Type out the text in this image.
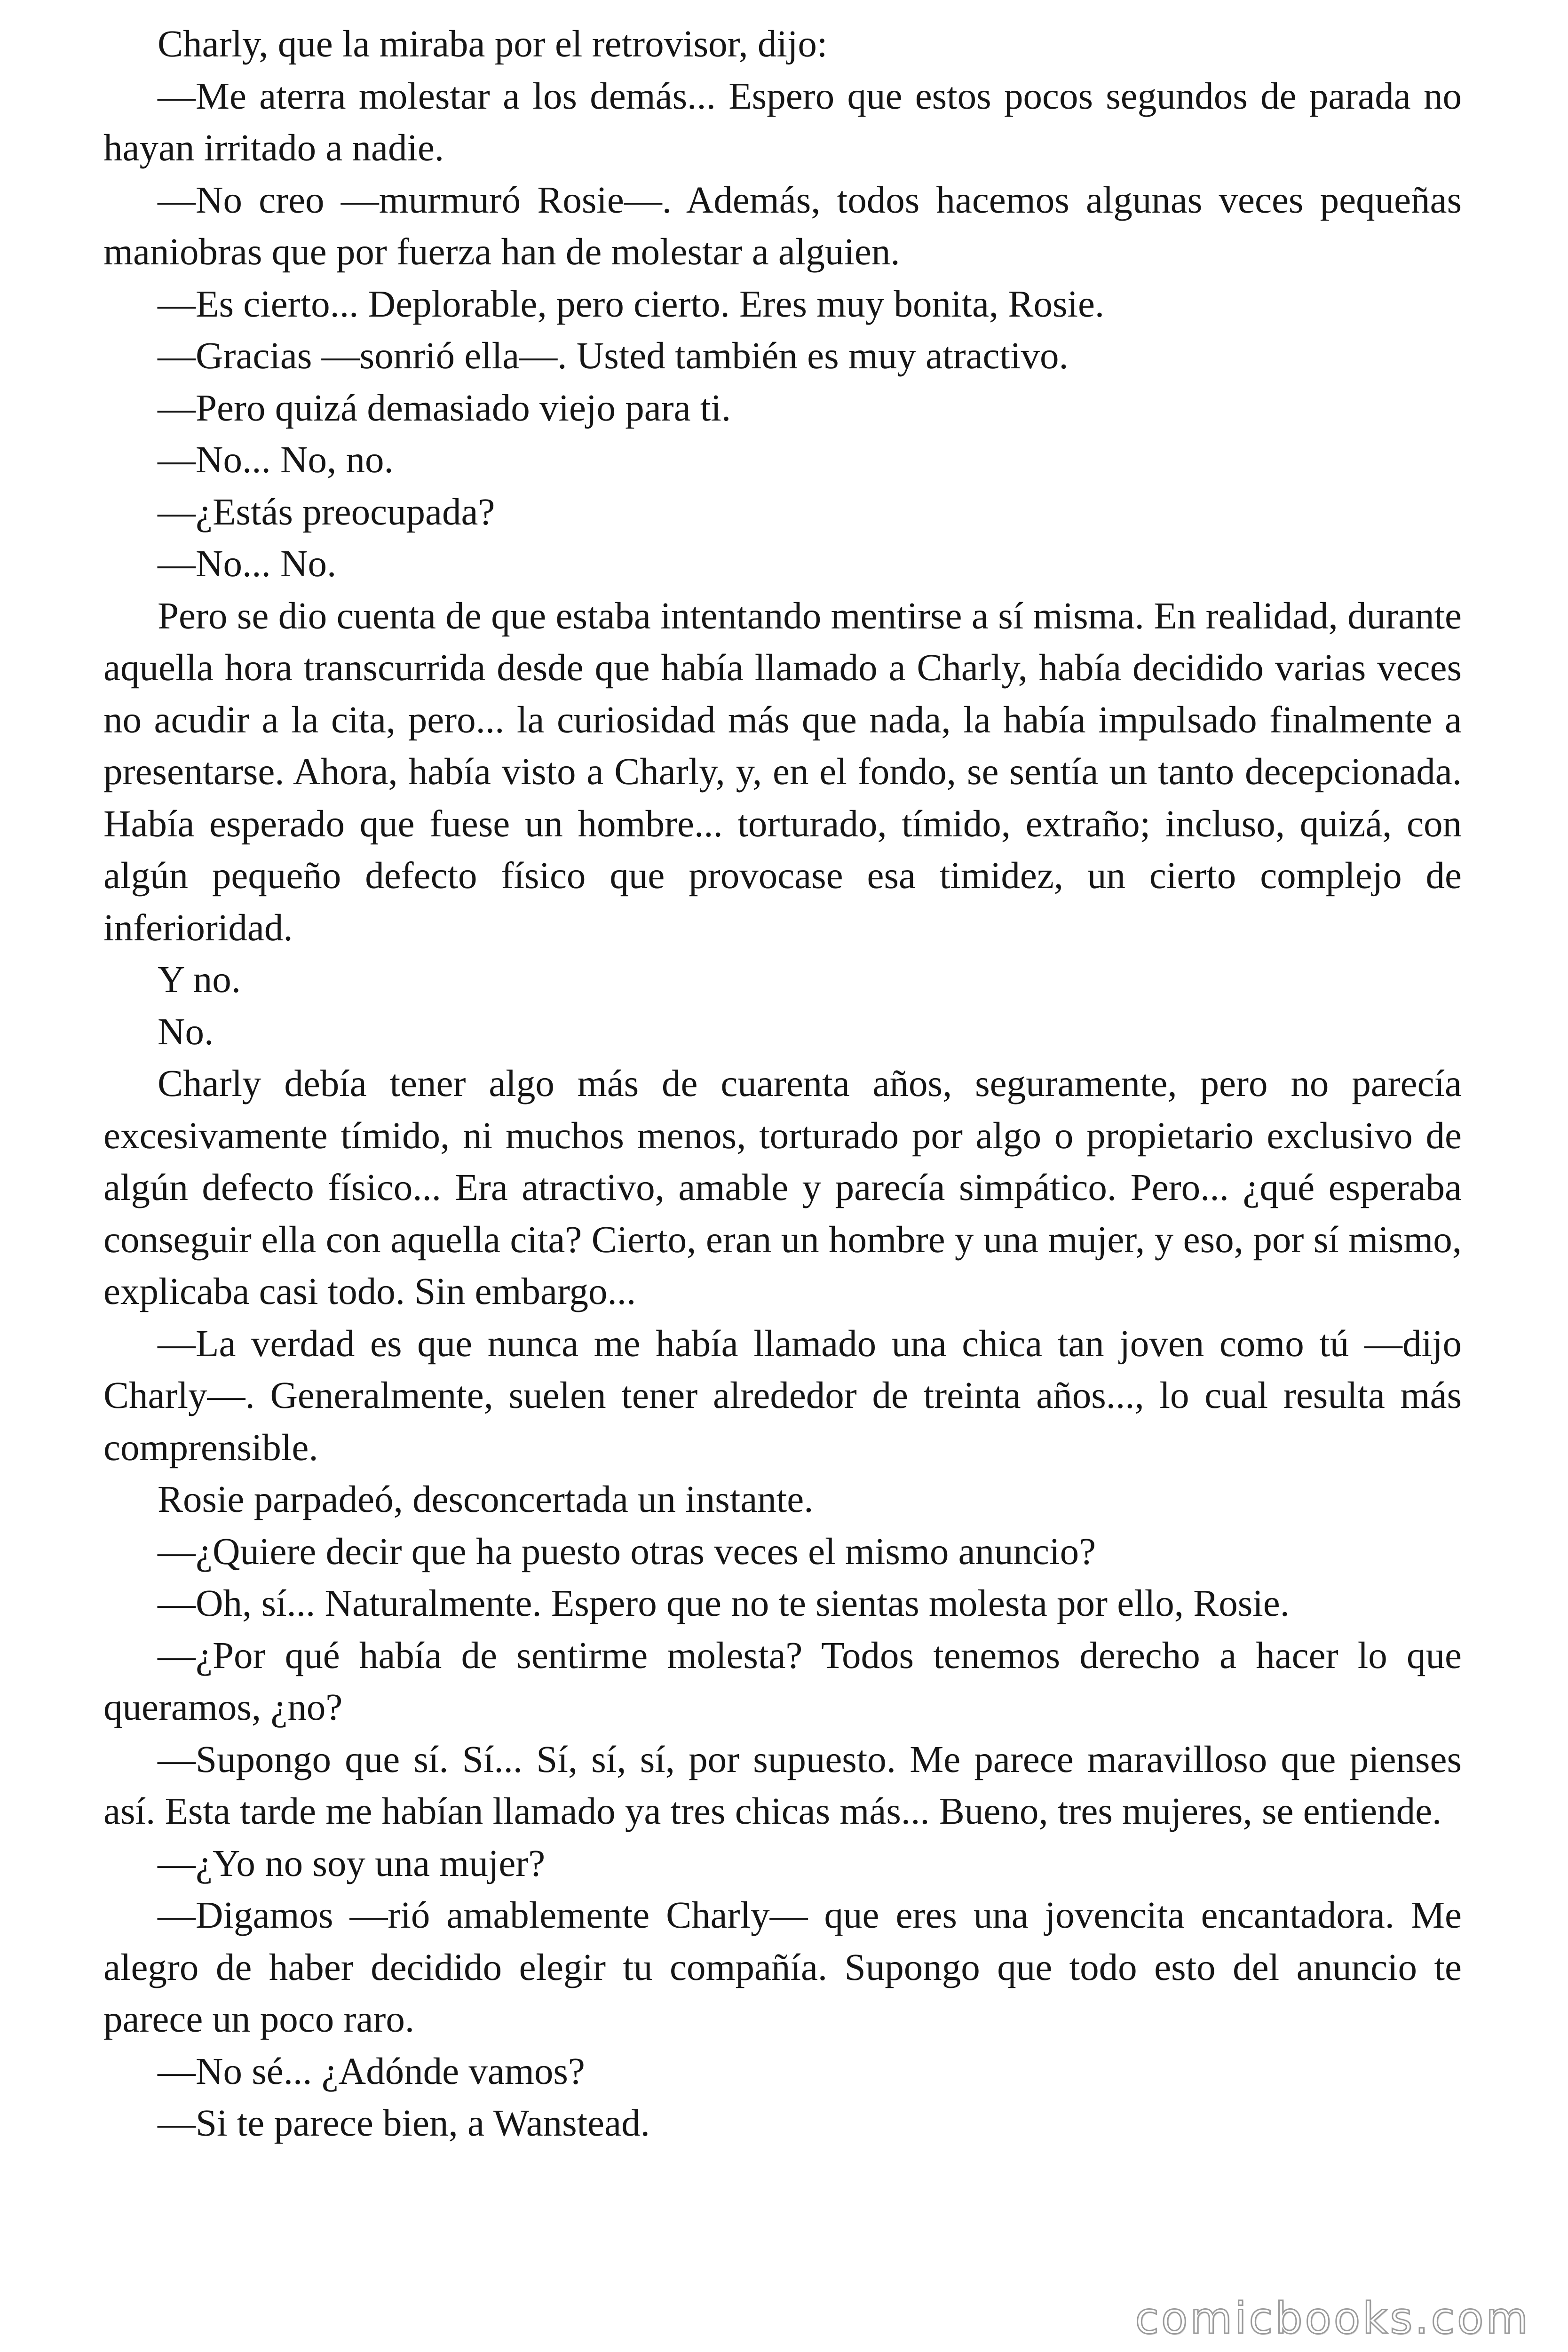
Charly, que la miraba por el retrovisor, dijo:

—Me aterra molestar a los demás... Espero que estos pocos segundos de parada no hayan irritado a nadie.

—No creo —murmuró Rosie—. Además, todos hacemos algunas veces pequeñas maniobras que por fuerza han de molestar a alguien.

—Es cierto... Deplorable, pero cierto. Eres muy bonita, Rosie.

—Gracias —sonrió ella—. Usted también es muy atractivo.

—Pero quizá demasiado viejo para ti.

—No... No, no.

—¿Estás preocupada?

—No... No.

Pero se dio cuenta de que estaba intentando mentirse a sí misma. En realidad, durante aquella hora transcurrida desde que había llamado a Charly, había decidido varias veces no acudir a la cita, pero... la curiosidad más que nada, la había impulsado finalmente a presentarse. Ahora, había visto a Charly, y, en el fondo, se sentía un tanto decepcionada. Había esperado que fuese un hombre... torturado, tímido, extraño; incluso, quizá, con algún pequeño defecto físico que provocase esa timidez, un cierto complejo de inferioridad.

Y no.

No.

Charly debía tener algo más de cuarenta años, seguramente, pero no parecía excesivamente tímido, ni muchos menos, torturado por algo o propietario exclusivo de algún defecto físico... Era atractivo, amable y parecía simpático. Pero... ¿qué esperaba conseguir ella con aquella cita? Cierto, eran un hombre y una mujer, y eso, por sí mismo, explicaba casi todo. Sin embargo...

—La verdad es que nunca me había llamado una chica tan joven como tú —dijo Charly—. Generalmente, suelen tener alrededor de treinta años..., lo cual resulta más comprensible.

Rosie parpadeó, desconcertada un instante.

—¿Quiere decir que ha puesto otras veces el mismo anuncio?

—Oh, sí... Naturalmente. Espero que no te sientas molesta por ello, Rosie.

—¿Por qué había de sentirme molesta? Todos tenemos derecho a hacer lo que queramos, ¿no?

—Supongo que sí. Sí... Sí, sí, sí, por supuesto. Me parece maravilloso que pienses así. Esta tarde me habían llamado ya tres chicas más... Bueno, tres mujeres, se entiende.

—¿Yo no soy una mujer?

—Digamos —rió amablemente Charly— que eres una jovencita encantadora. Me alegro de haber decidido elegir tu compañía. Supongo que todo esto del anuncio te parece un poco raro.

—No sé... ¿Adónde vamos?

—Si te parece bien, a Wanstead.

comicbooks.com
